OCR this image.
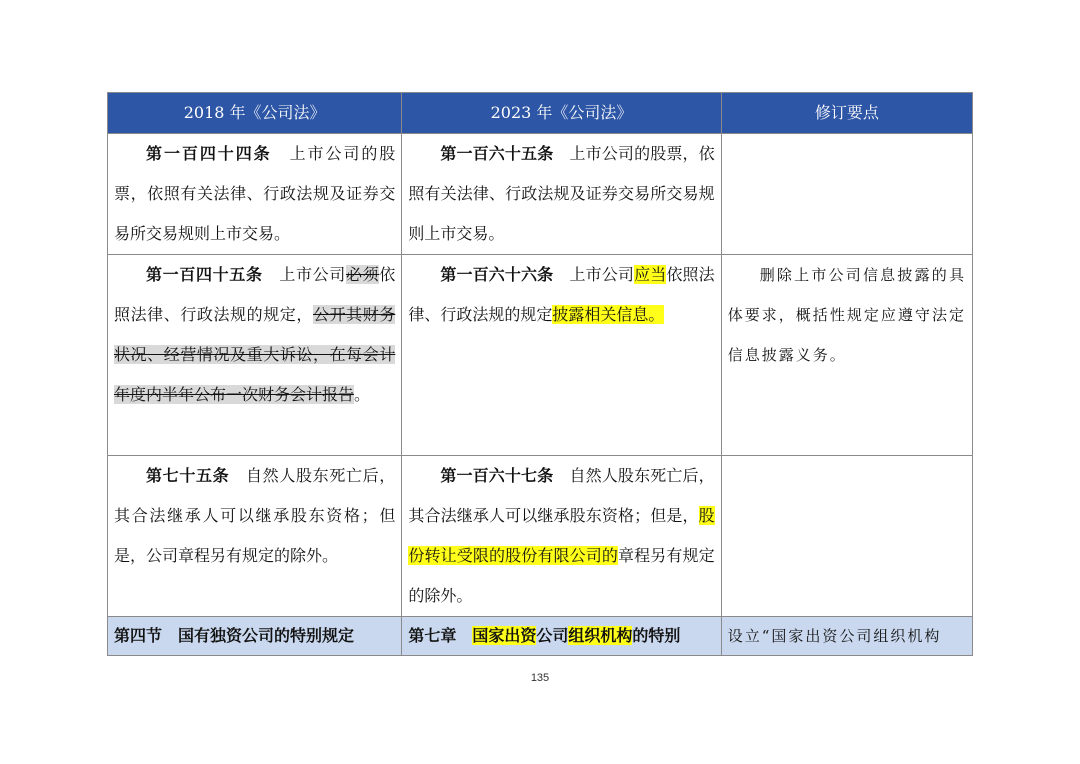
2018 年《公司法》	2023 年《公司法》	修订要点

第一百四十四条　 上市公司的股票，依照有关法律、行政法规及证券交易所交易规则上市交易。	第一百六十五条　 上市公司的股票，依照有关法律、行政法规及证券交易所交易规则上市交易。	

第一百四十五条　 上市公司必须依照法律、行政法规的规定，公开其财务状况、经营情况及重大诉讼，在每会计年度内半年公布一次财务会计报告。	第一百六十六条　 上市公司应当依照法律、行政法规的规定披露相关信息。	删除上市公司信息披露的具体要求，概括性规定应遵守法定信息披露义务。

第七十五条　 自然人股东死亡后，其合法继承人可以继承股东资格；但是，公司章程另有规定的除外。	第一百六十七条　 自然人股东死亡后，其合法继承人可以继承股东资格；但是，股份转让受限的股份有限公司的章程另有规定的除外。	

第四节　 国有独资公司的特别规定	第七章　 国家出资公司组织机构的特别	设立“国家出资公司组织机构
135
